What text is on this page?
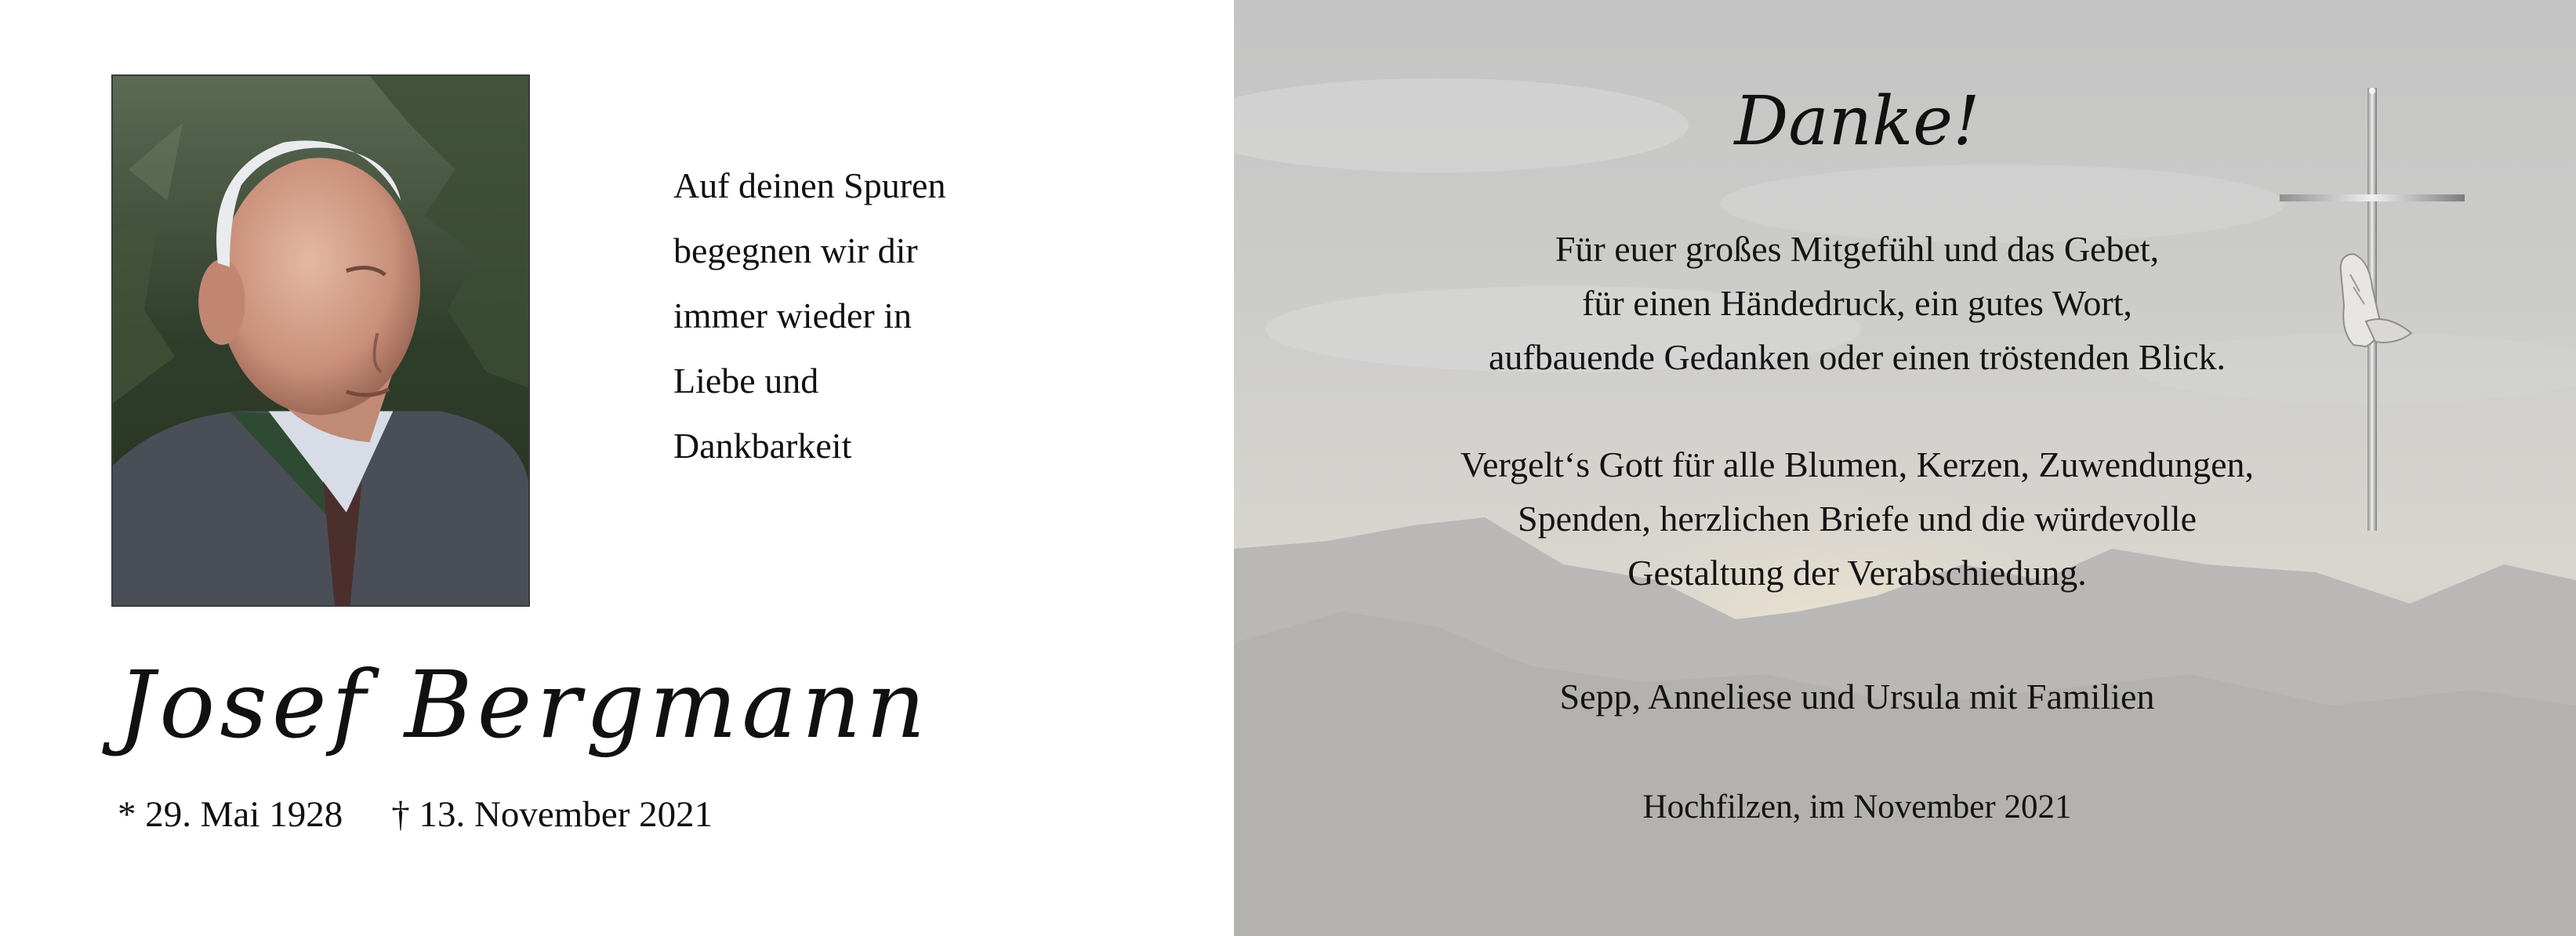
Auf deinen Spuren
begegnen wir dir
immer wieder in
Liebe und
Dankbarkeit
Josef Bergmann
* 29. Mai 1928 † 13. November 2021
Danke!
Für euer großes Mitgefühl und das Gebet,
für einen Händedruck, ein gutes Wort,
aufbauende Gedanken oder einen tröstenden Blick.
Vergelt‘s Gott für alle Blumen, Kerzen, Zuwendungen,
Spenden, herzlichen Briefe und die würdevolle
Gestaltung der Verabschiedung.
Sepp, Anneliese und Ursula mit Familien
Hochfilzen, im November 2021
